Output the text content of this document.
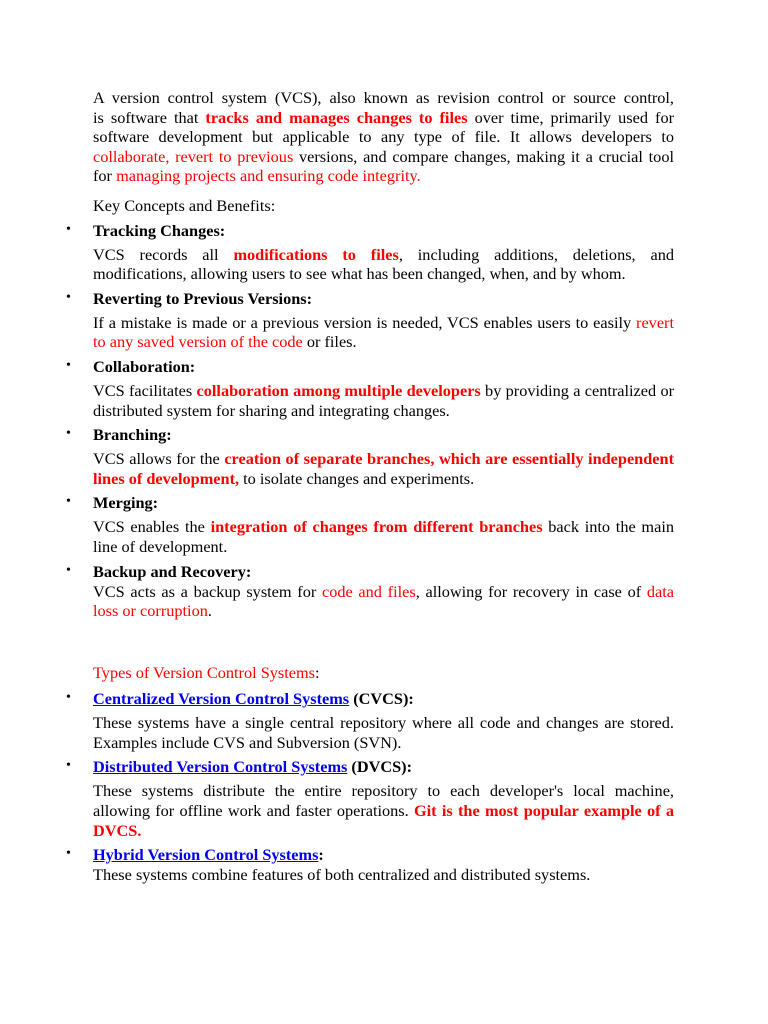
A version control system (VCS), also known as revision control or source control, is software that tracks and manages changes to files over time, primarily used for software development but applicable to any type of file. It allows developers to collaborate, revert to previous versions, and compare changes, making it a crucial tool for managing projects and ensuring code integrity.

Key Concepts and Benefits:

• Tracking Changes:

VCS records all modifications to files, including additions, deletions, and modifications, allowing users to see what has been changed, when, and by whom.

• Reverting to Previous Versions:

If a mistake is made or a previous version is needed, VCS enables users to easily revert to any saved version of the code or files.

• Collaboration:

VCS facilitates collaboration among multiple developers by providing a centralized or distributed system for sharing and integrating changes.

• Branching:

VCS allows for the creation of separate branches, which are essentially independent lines of development, to isolate changes and experiments.

• Merging:

VCS enables the integration of changes from different branches back into the main line of development.

• Backup and Recovery:

VCS acts as a backup system for code and files, allowing for recovery in case of data loss or corruption.

Types of Version Control Systems:

• Centralized Version Control Systems (CVCS):

These systems have a single central repository where all code and changes are stored. Examples include CVS and Subversion (SVN).

• Distributed Version Control Systems (DVCS):

These systems distribute the entire repository to each developer's local machine, allowing for offline work and faster operations. Git is the most popular example of a DVCS.

• Hybrid Version Control Systems:

These systems combine features of both centralized and distributed systems.
